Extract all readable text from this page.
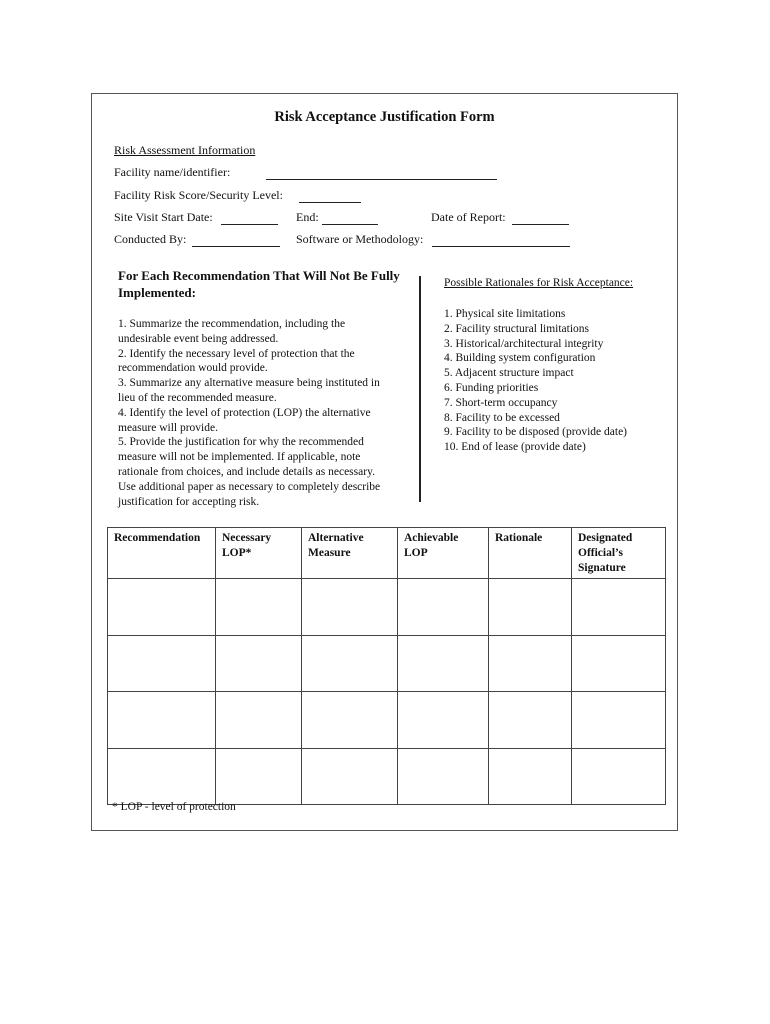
Risk Acceptance Justification Form
Risk Assessment Information
Facility name/identifier:
Facility Risk Score/Security Level:
Site Visit Start Date:	End:	Date of Report:
Conducted By:	Software or Methodology:
For Each Recommendation That Will Not Be Fully Implemented:
1. Summarize the recommendation, including the
undesirable event being addressed.
2. Identify the necessary level of protection that the
recommendation would provide.
3. Summarize any alternative measure being instituted in
lieu of the recommended measure.
4. Identify the level of protection (LOP) the alternative
measure will provide.
5. Provide the justification for why the recommended
measure will not be implemented. If applicable, note
rationale from choices, and include details as necessary.
Use additional paper as necessary to completely describe
justification for accepting risk.
Possible Rationales for Risk Acceptance:
1. Physical site limitations
2. Facility structural limitations
3. Historical/architectural integrity
4. Building system configuration
5. Adjacent structure impact
6. Funding priorities
7. Short-term occupancy
8. Facility to be excessed
9. Facility to be disposed (provide date)
10. End of lease (provide date)
Recommendation	Necessary LOP*	Alternative Measure	Achievable LOP	Rationale	Designated Official’s Signature

* LOP - level of protection
